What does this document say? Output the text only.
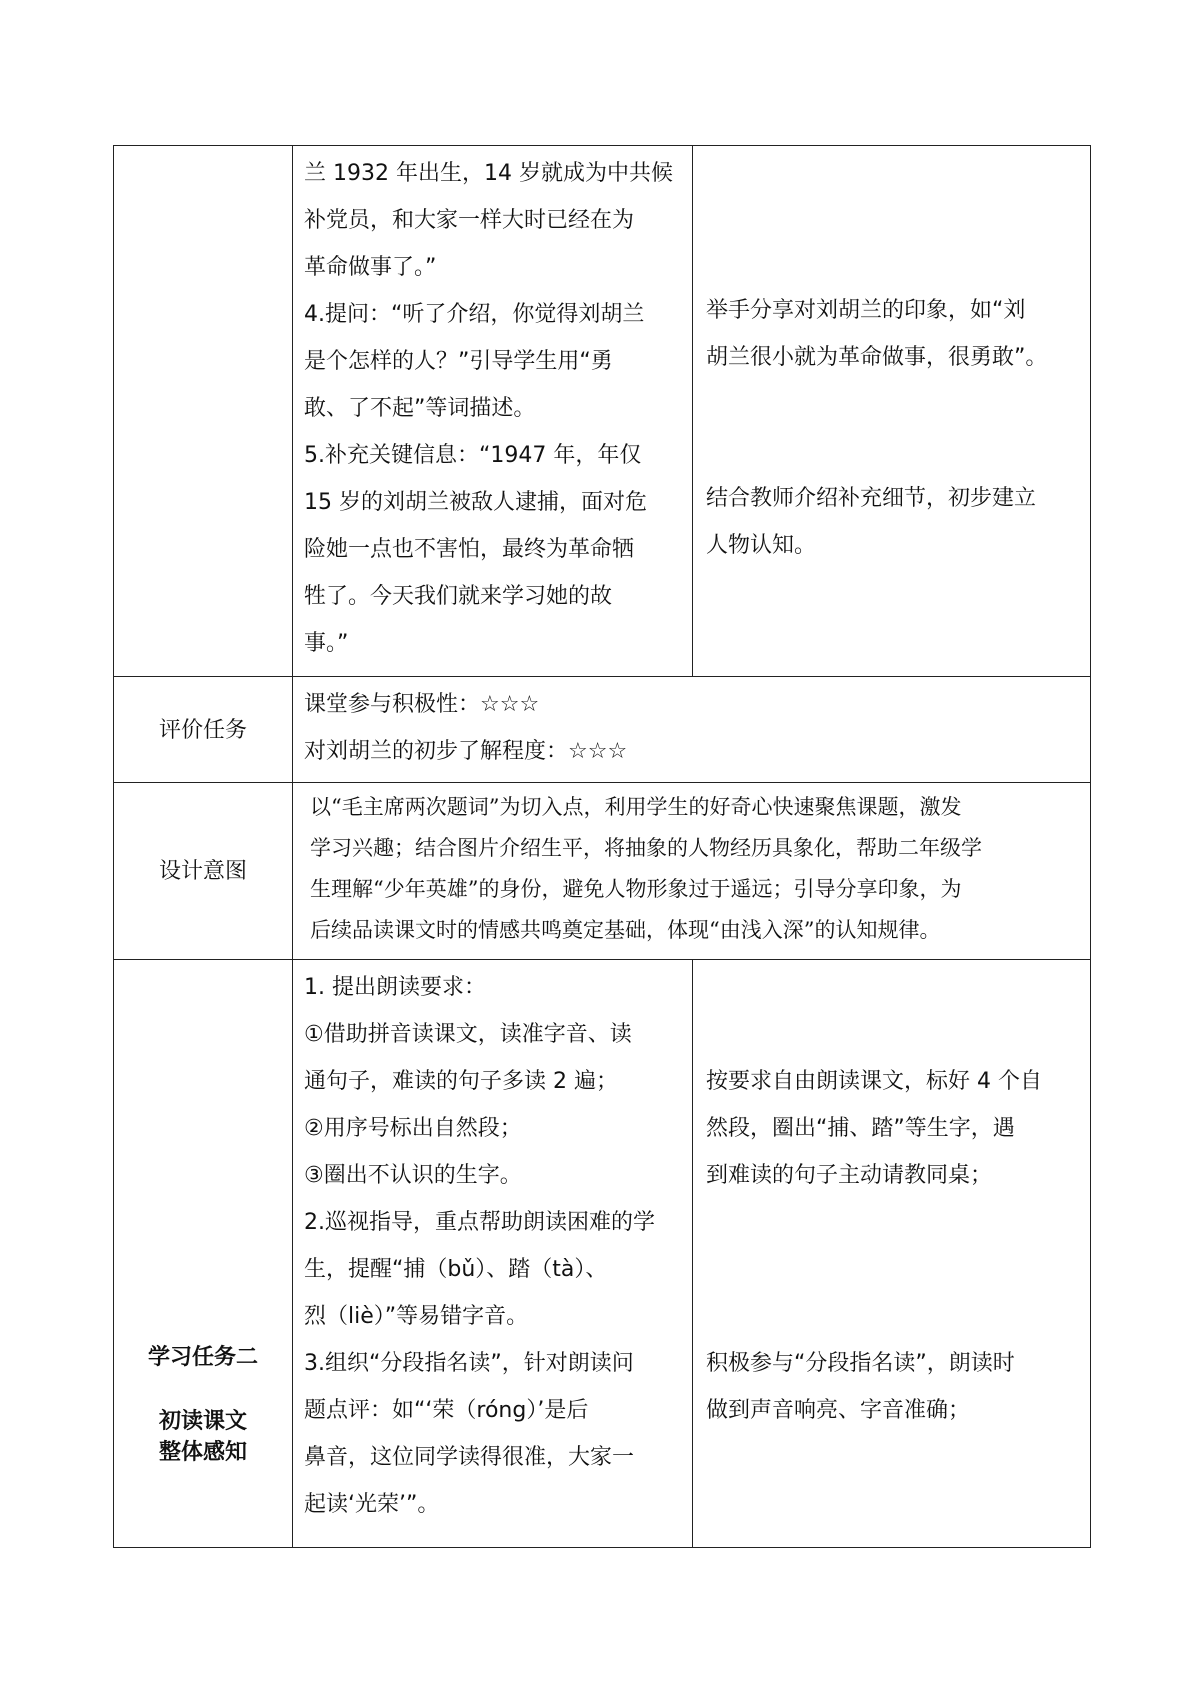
兰 1932 年出生，14 岁就成为中共候
补党员，和大家一样大时已经在为
革命做事了。”
4.提问：“听了介绍，你觉得刘胡兰
是个怎样的人？”引导学生用“勇
敢、了不起”等词描述。
5.补充关键信息：“1947 年，年仅
15 岁的刘胡兰被敌人逮捕，面对危
险她一点也不害怕，最终为革命牺
牲了。今天我们就来学习她的故
事。”
举手分享对刘胡兰的印象，如“刘
胡兰很小就为革命做事，很勇敢”。
结合教师介绍补充细节，初步建立
人物认知。
评价任务
课堂参与积极性：☆☆☆
对刘胡兰的初步了解程度：☆☆☆
设计意图
以“毛主席两次题词”为切入点，利用学生的好奇心快速聚焦课题，激发
学习兴趣；结合图片介绍生平，将抽象的人物经历具象化，帮助二年级学
生理解“少年英雄”的身份，避免人物形象过于遥远；引导分享印象，为
后续品读课文时的情感共鸣奠定基础，体现“由浅入深”的认知规律。
学习任务二
初读课文
整体感知
1. 提出朗读要求：
①借助拼音读课文，读准字音、读
通句子，难读的句子多读 2 遍；
②用序号标出自然段；
③圈出不认识的生字。
2.巡视指导，重点帮助朗读困难的学
生，提醒“捕（bǔ）、踏（tà）、
烈（liè）”等易错字音。
3.组织“分段指名读”，针对朗读问
题点评：如“‘荣（róng）’是后
鼻音，这位同学读得很准，大家一
起读‘光荣’”。
按要求自由朗读课文，标好 4 个自
然段，圈出“捕、踏”等生字，遇
到难读的句子主动请教同桌；
积极参与“分段指名读”，朗读时
做到声音响亮、字音准确；
